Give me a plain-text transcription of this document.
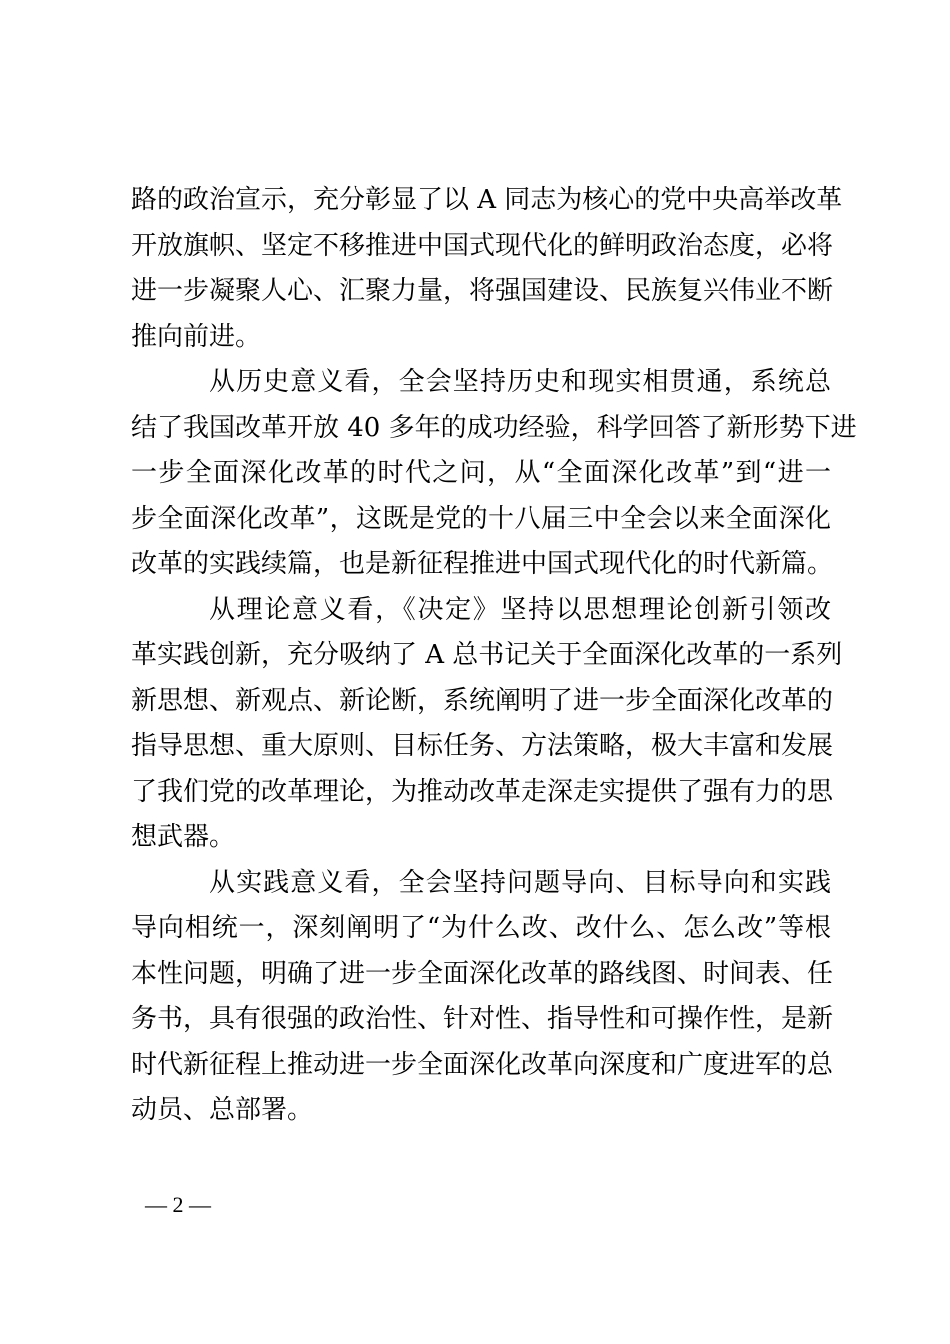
路的政治宣示，充分彰显了以 A 同志为核心的党中央高举改革
开放旗帜、坚定不移推进中国式现代化的鲜明政治态度，必将
进一步凝聚人心、汇聚力量，将强国建设、民族复兴伟业不断
推向前进。
从历史意义看，全会坚持历史和现实相贯通，系统总
结了我国改革开放 40 多年的成功经验，科学回答了新形势下进
一步全面深化改革的时代之问，从“全面深化改革”到“进一
步全面深化改革”，这既是党的十八届三中全会以来全面深化
改革的实践续篇，也是新征程推进中国式现代化的时代新篇。
从理论意义看，《决定》坚持以思想理论创新引领改
革实践创新，充分吸纳了 A 总书记关于全面深化改革的一系列
新思想、新观点、新论断，系统阐明了进一步全面深化改革的
指导思想、重大原则、目标任务、方法策略，极大丰富和发展
了我们党的改革理论，为推动改革走深走实提供了强有力的思
想武器。
从实践意义看，全会坚持问题导向、目标导向和实践
导向相统一，深刻阐明了“为什么改、改什么、怎么改”等根
本性问题，明确了进一步全面深化改革的路线图、时间表、任
务书，具有很强的政治性、针对性、指导性和可操作性，是新
时代新征程上推动进一步全面深化改革向深度和广度进军的总
动员、总部署。
— 2 —
